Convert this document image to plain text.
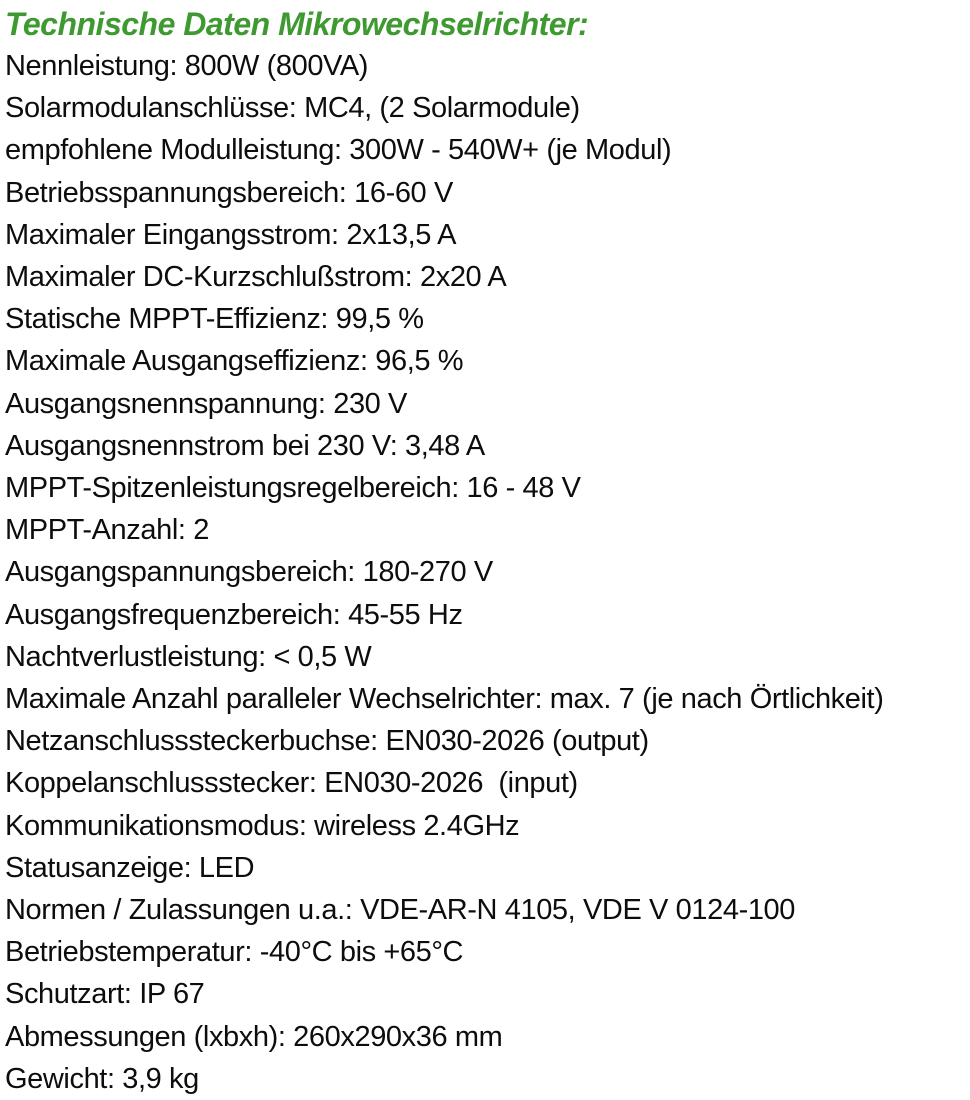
Technische Daten Mikrowechselrichter:
Nennleistung: 800W (800VA)
Solarmodulanschlüsse: MC4, (2 Solarmodule)
empfohlene Modulleistung: 300W - 540W+ (je Modul)
Betriebsspannungsbereich: 16-60 V
Maximaler Eingangsstrom: 2x13,5 A
Maximaler DC-Kurzschlußstrom: 2x20 A
Statische MPPT-Effizienz: 99,5 %
Maximale Ausgangseffizienz: 96,5 %
Ausgangsnennspannung: 230 V
Ausgangsnennstrom bei 230 V: 3,48 A
MPPT-Spitzenleistungsregelbereich: 16 - 48 V
MPPT-Anzahl: 2
Ausgangspannungsbereich: 180-270 V
Ausgangsfrequenzbereich: 45-55 Hz
Nachtverlustleistung: < 0,5 W
Maximale Anzahl paralleler Wechselrichter: max. 7 (je nach Örtlichkeit)
Netzanschlusssteckerbuchse: EN030-2026 (output)
Koppelanschlussstecker: EN030-2026  (input)
Kommunikationsmodus: wireless 2.4GHz
Statusanzeige: LED
Normen / Zulassungen u.a.: VDE-AR-N 4105, VDE V 0124-100
Betriebstemperatur: -40°C bis +65°C
Schutzart: IP 67
Abmessungen (lxbxh): 260x290x36 mm
Gewicht: 3,9 kg
